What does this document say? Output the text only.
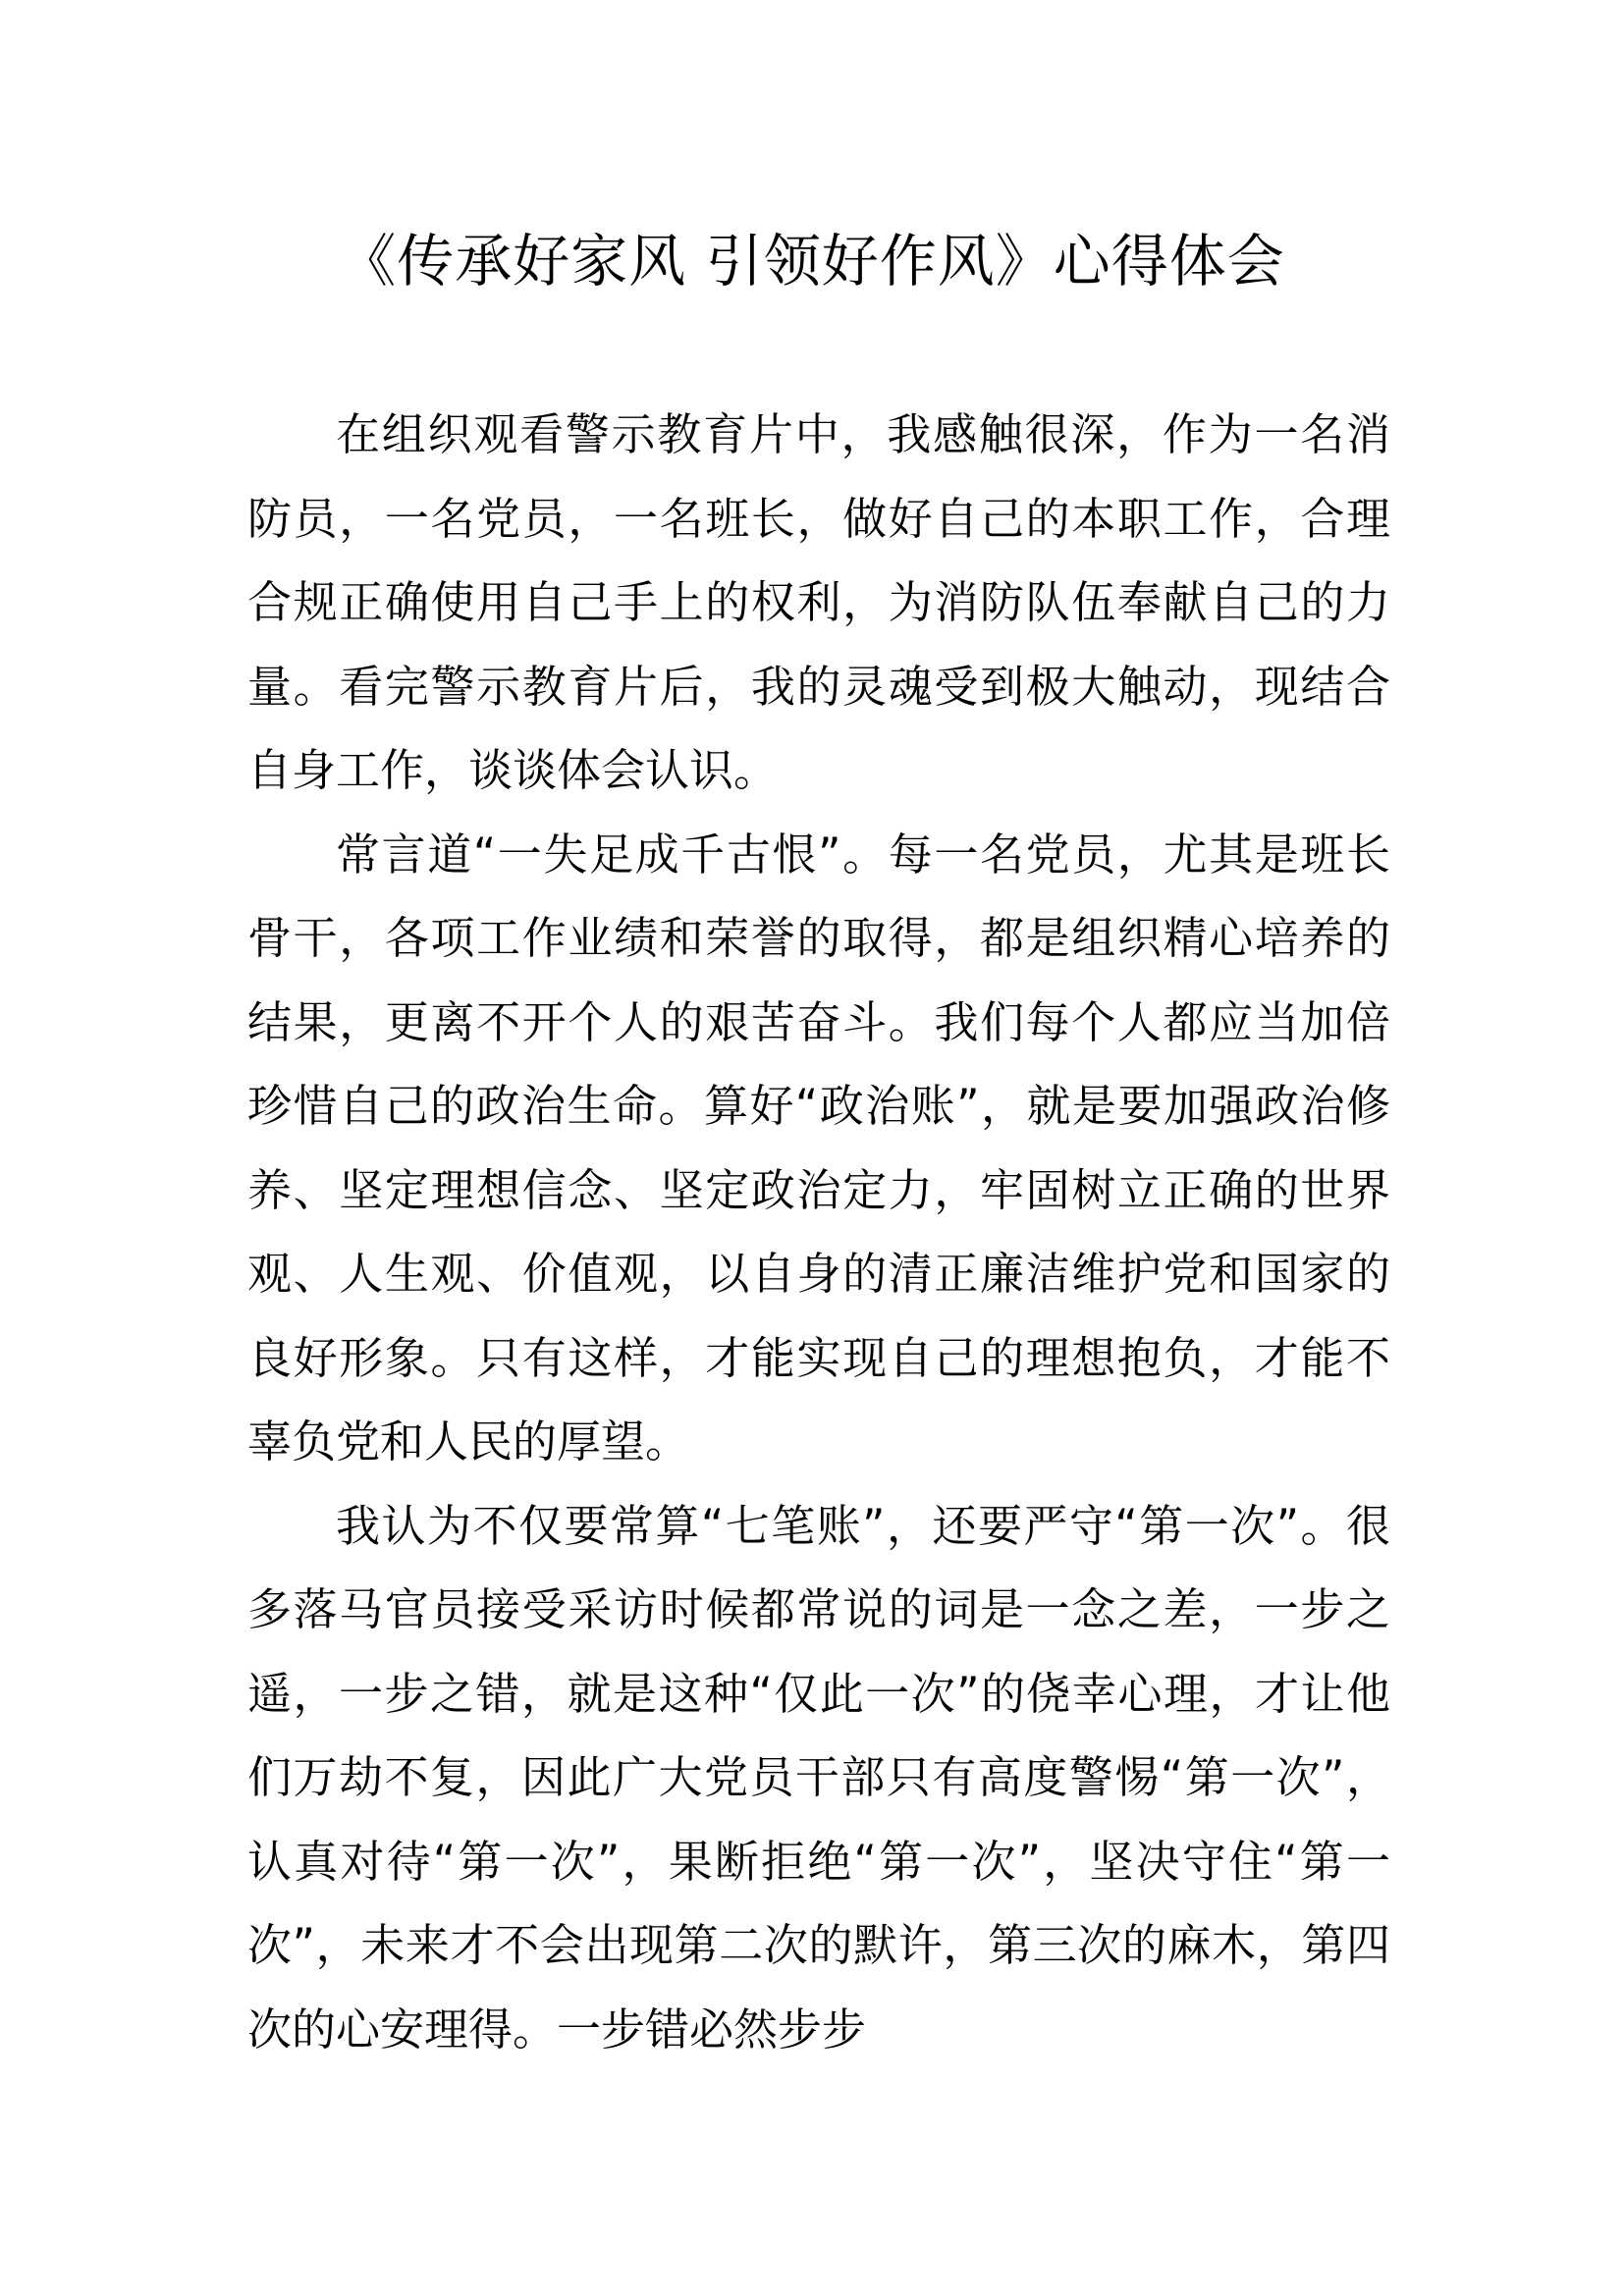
《传承好家风 引领好作风》心得体会

在组织观看警示教育片中，我感触很深，作为一名消防员，一名党员，一名班长，做好自己的本职工作，合理合规正确使用自己手上的权利，为消防队伍奉献自己的力量。看完警示教育片后，我的灵魂受到极大触动，现结合自身工作，谈谈体会认识。

常言道“一失足成千古恨”。每一名党员，尤其是班长骨干，各项工作业绩和荣誉的取得，都是组织精心培养的结果，更离不开个人的艰苦奋斗。我们每个人都应当加倍珍惜自己的政治生命。算好“政治账”，就是要加强政治修养、坚定理想信念、坚定政治定力，牢固树立正确的世界观、人生观、价值观，以自身的清正廉洁维护党和国家的良好形象。只有这样，才能实现自己的理想抱负，才能不辜负党和人民的厚望。

我认为不仅要常算“七笔账”，还要严守“第一次”。很多落马官员接受采访时候都常说的词是一念之差，一步之遥，一步之错，就是这种“仅此一次”的侥幸心理，才让他们万劫不复，因此广大党员干部只有高度警惕“第一次”，认真对待“第一次”，果断拒绝“第一次”，坚决守住“第一次”，未来才不会出现第二次的默许，第三次的麻木，第四次的心安理得。一步错必然步步
